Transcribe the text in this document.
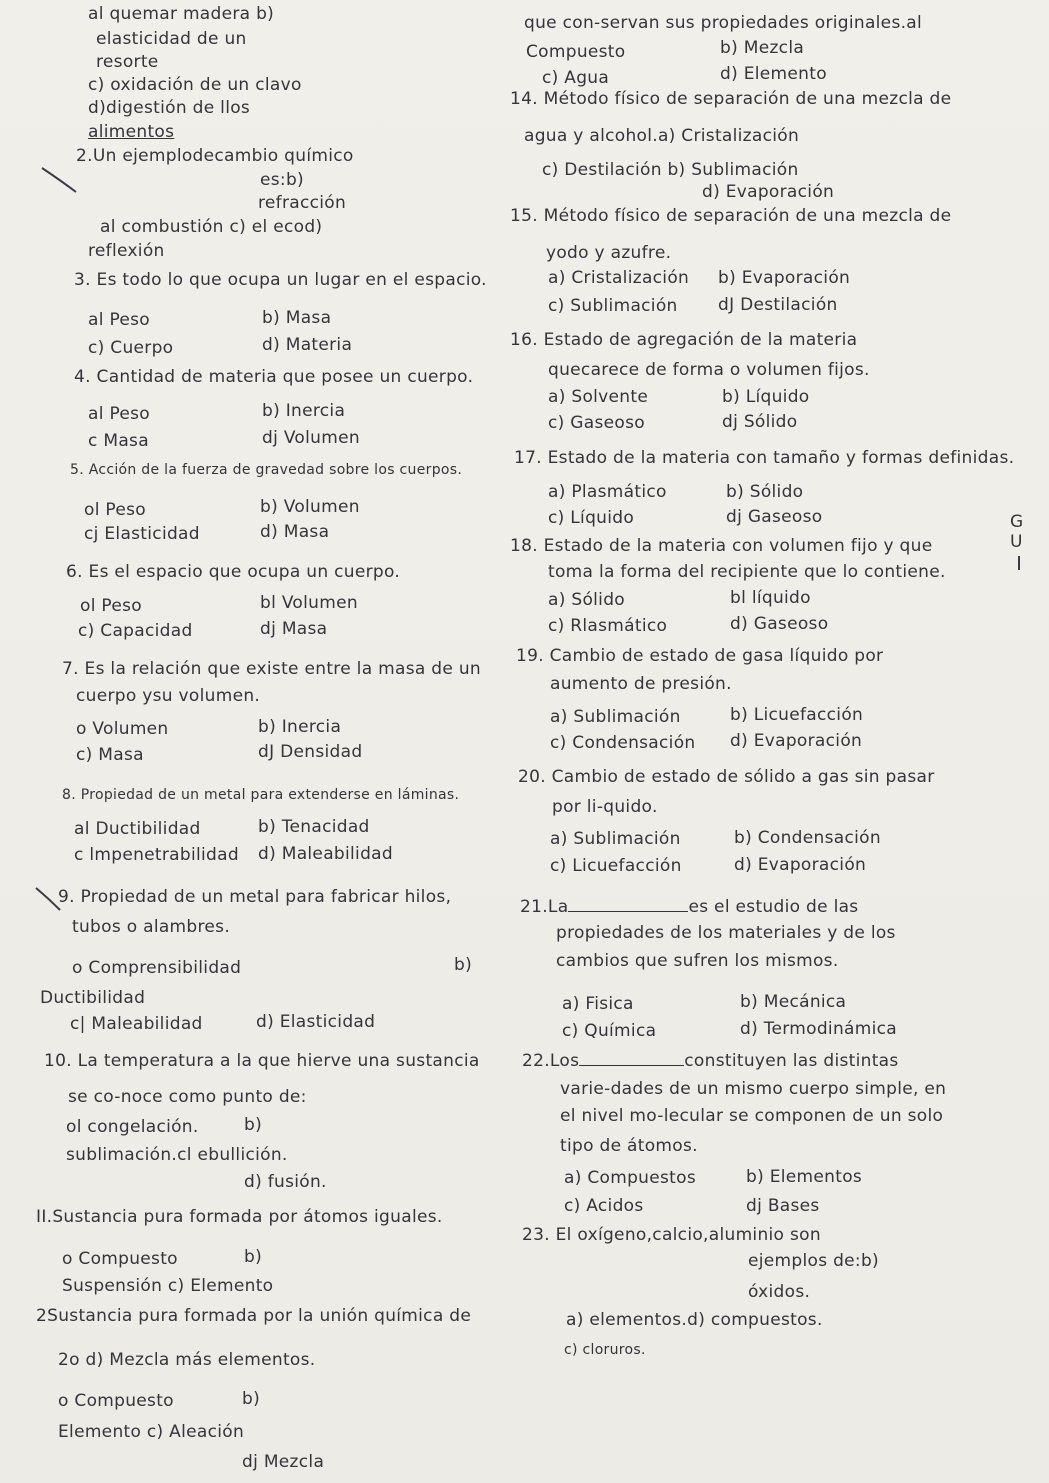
al quemar madera b)
elasticidad de un
resorte
c) oxidación de un clavo
d)digestión de llos
alimentos
2.Un ejemplodecambio químico
es:b)
refracción
al combustión c) el ecod)
reflexión
3. Es todo lo que ocupa un lugar en el espacio.
al Peso	b) Masa
c) Cuerpo	d) Materia
4. Cantidad de materia que posee un cuerpo.
al Peso	b) Inercia
c Masa	dj Volumen
5. Acción de la fuerza de gravedad sobre los cuerpos.
ol Peso	b) Volumen
cj Elasticidad	d) Masa
6. Es el espacio que ocupa un cuerpo.
ol Peso	bl Volumen
c) Capacidad	dj Masa
7. Es la relación que existe entre la masa de un
cuerpo ysu volumen.
o Volumen	b) Inercia
c) Masa	dJ Densidad
8. Propiedad de un metal para extenderse en láminas.
al Ductibilidad	b) Tenacidad
c lmpenetrabilidad d) Maleabilidad
9. Propiedad de un metal para fabricar hilos,
tubos o alambres.
o Comprensibilidad	b)
Ductibilidad
c| Maleabilidad	d) Elasticidad
10. La temperatura a la que hierve una sustancia
se co-noce como punto de:
ol congelación.	b)
sublimación.cl ebullición.
d) fusión.
II.Sustancia pura formada por átomos iguales.
o Compuesto	b)
Suspensión c) Elemento
2Sustancia pura formada por la unión química de
2o d) Mezcla más elementos.
o Compuesto	b)
Elemento c) Aleación
dj Mezcla
que con-servan sus propiedades originales.al
Compuesto	b) Mezcla
c) Agua	d) Elemento
14. Método físico de separación de una mezcla de
agua y alcohol.a) Cristalización
c) Destilación b) Sublimación
d) Evaporación
15. Método físico de separación de una mezcla de
yodo y azufre.
a) Cristalización b) Evaporación
c) Sublimación dJ Destilación
16. Estado de agregación de la materia
quecarece de forma o volumen fijos.
a) Solvente	b) Líquido
c) Gaseoso	dj Sólido
17. Estado de la materia con tamaño y formas definidas.
a) Plasmático	b) Sólido
c) Líquido	dj Gaseoso
18. Estado de la materia con volumen fijo y que
toma la forma del recipiente que lo contiene.
a) Sólido	bl líquido
c) Rlasmático	d) Gaseoso
G
U
19. Cambio de estado de gasa líquido por
aumento de presión.
a) Sublimación	b) Licuefacción
c) Condensación d) Evaporación
20. Cambio de estado de sólido a gas sin pasar
por li-quido.
a) Sublimación	b) Condensación
c) Licuefacción	d) Evaporación
21.La	es el estudio de las
propiedades de los materiales y de los
cambios que sufren los mismos.
a) Fisica	b) Mecánica
c) Química	d) Termodinámica
22.Los	constituyen las distintas
varie-dades de un mismo cuerpo simple, en
el nivel mo-lecular se componen de un solo
tipo de átomos.
a) Compuestos	b) Elementos
c) Acidos	dj Bases
23. El oxígeno,calcio,aluminio son
ejemplos de:b)
óxidos.
a) elementos.d) compuestos.
c) cloruros.
